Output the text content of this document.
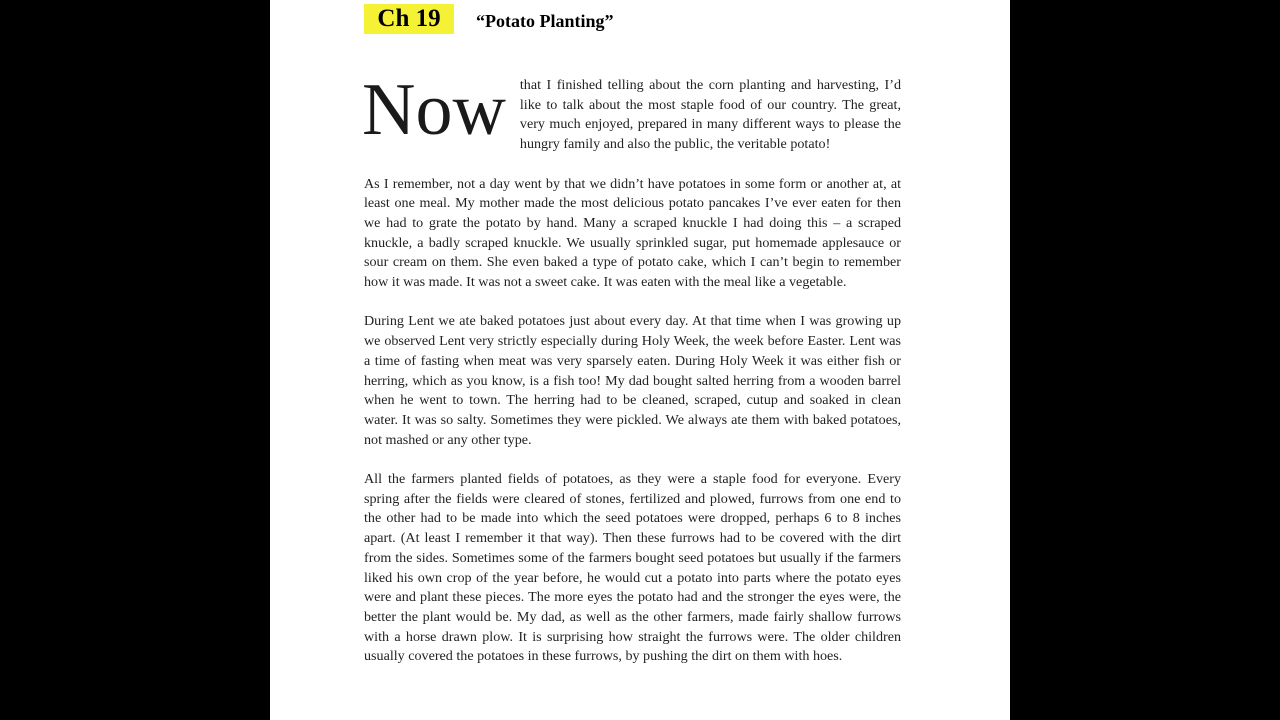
Ch 19	“Potato Planting”

Now that I finished telling about the corn planting and harvesting, I’d like to talk about the most staple food of our country. The great, very much enjoyed, prepared in many different ways to please the hungry family and also the public, the veritable potato!

As I remember, not a day went by that we didn’t have potatoes in some form or another at, at least one meal. My mother made the most delicious potato pancakes I’ve ever eaten for then we had to grate the potato by hand. Many a scraped knuckle I had doing this – a scraped knuckle, a badly scraped knuckle. We usually sprinkled sugar, put homemade applesauce or sour cream on them. She even baked a type of potato cake, which I can’t begin to remember how it was made. It was not a sweet cake. It was eaten with the meal like a vegetable.

During Lent we ate baked potatoes just about every day. At that time when I was growing up we observed Lent very strictly especially during Holy Week, the week before Easter. Lent was a time of fasting when meat was very sparsely eaten. During Holy Week it was either fish or herring, which as you know, is a fish too! My dad bought salted herring from a wooden barrel when he went to town. The herring had to be cleaned, scraped, cutup and soaked in clean water. It was so salty. Sometimes they were pickled. We always ate them with baked potatoes, not mashed or any other type.

All the farmers planted fields of potatoes, as they were a staple food for everyone. Every spring after the fields were cleared of stones, fertilized and plowed, furrows from one end to the other had to be made into which the seed potatoes were dropped, perhaps 6 to 8 inches apart. (At least I remember it that way). Then these furrows had to be covered with the dirt from the sides. Sometimes some of the farmers bought seed potatoes but usually if the farmers liked his own crop of the year before, he would cut a potato into parts where the potato eyes were and plant these pieces. The more eyes the potato had and the stronger the eyes were, the better the plant would be. My dad, as well as the other farmers, made fairly shallow furrows with a horse drawn plow. It is surprising how straight the furrows were. The older children usually covered the potatoes in these furrows, by pushing the dirt on them with hoes.
